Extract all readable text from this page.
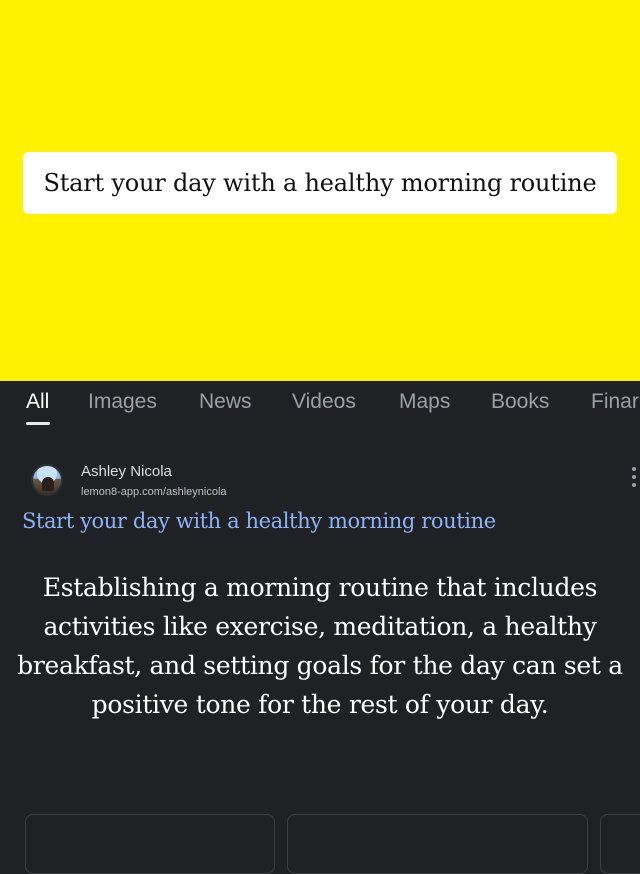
Start your day with a healthy morning routine
All Images News Videos Maps Books Finar
Ashley Nicola
lemon8-app.com/ashleynicola
Start your day with a healthy morning routine
Establishing a morning routine that includes
activities like exercise, meditation, a healthy
breakfast, and setting goals for the day can set a
positive tone for the rest of your day.
